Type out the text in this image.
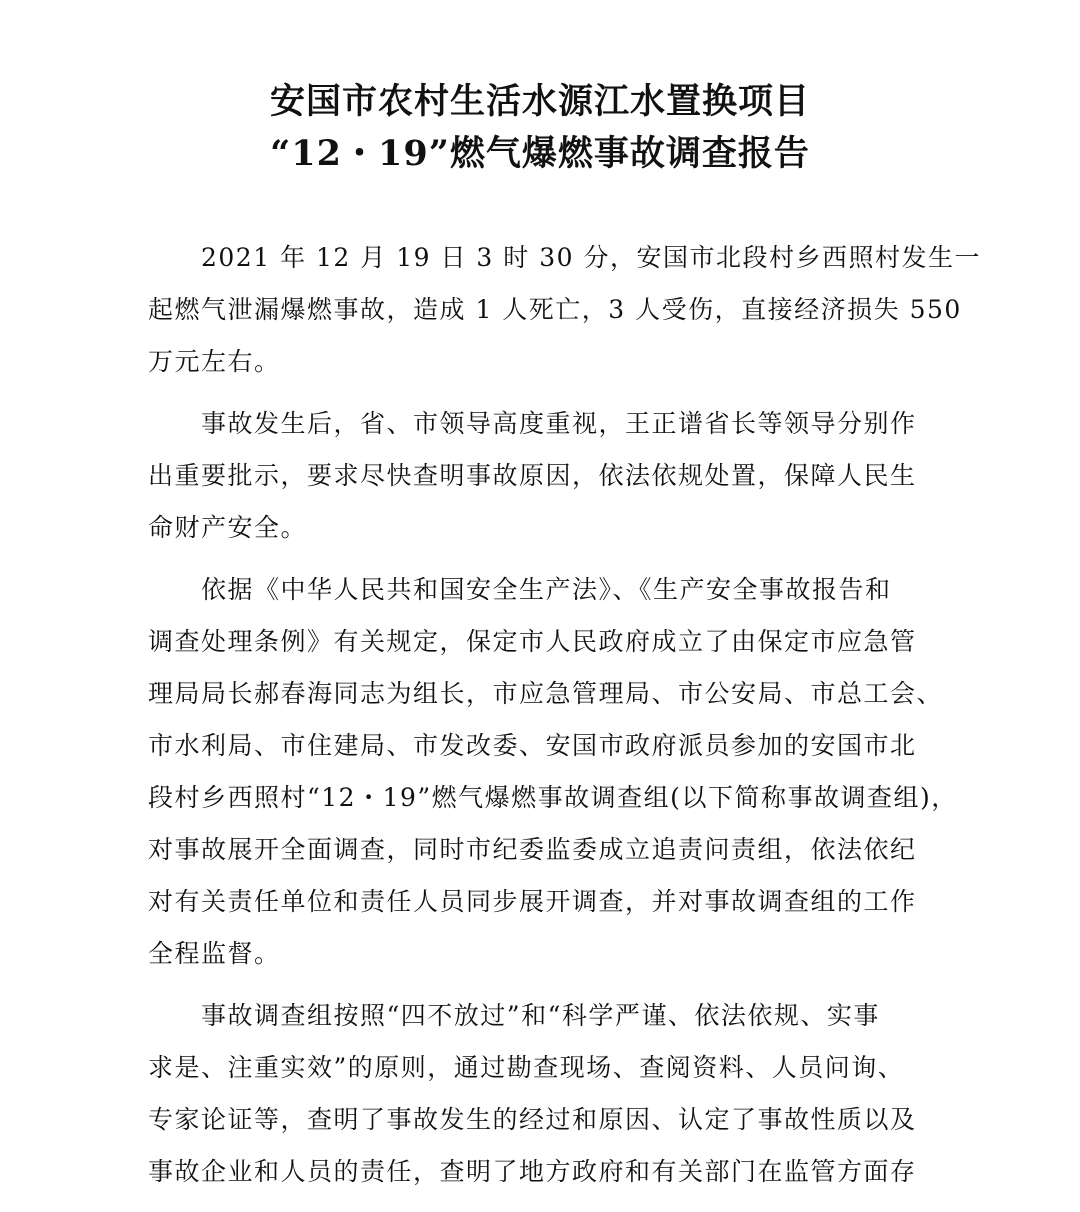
安国市农村生活水源江水置换项目
“12・19”燃气爆燃事故调查报告
2021 年 12 月 19 日 3 时 30 分，安国市北段村乡西照村发生一
起燃气泄漏爆燃事故，造成 1 人死亡，3 人受伤，直接经济损失 550
万元左右。
事故发生后，省、市领导高度重视，王正谱省长等领导分别作
出重要批示，要求尽快查明事故原因，依法依规处置，保障人民生
命财产安全。
依据《中华人民共和国安全生产法》、《生产安全事故报告和
调查处理条例》有关规定，保定市人民政府成立了由保定市应急管
理局局长郝春海同志为组长，市应急管理局、市公安局、市总工会、
市水利局、市住建局、市发改委、安国市政府派员参加的安国市北
段村乡西照村“12・19”燃气爆燃事故调查组(以下简称事故调查组)，
对事故展开全面调查，同时市纪委监委成立追责问责组，依法依纪
对有关责任单位和责任人员同步展开调查，并对事故调查组的工作
全程监督。
事故调查组按照“四不放过”和“科学严谨、依法依规、实事
求是、注重实效”的原则，通过勘查现场、查阅资料、人员问询、
专家论证等，查明了事故发生的经过和原因、认定了事故性质以及
事故企业和人员的责任，查明了地方政府和有关部门在监管方面存
